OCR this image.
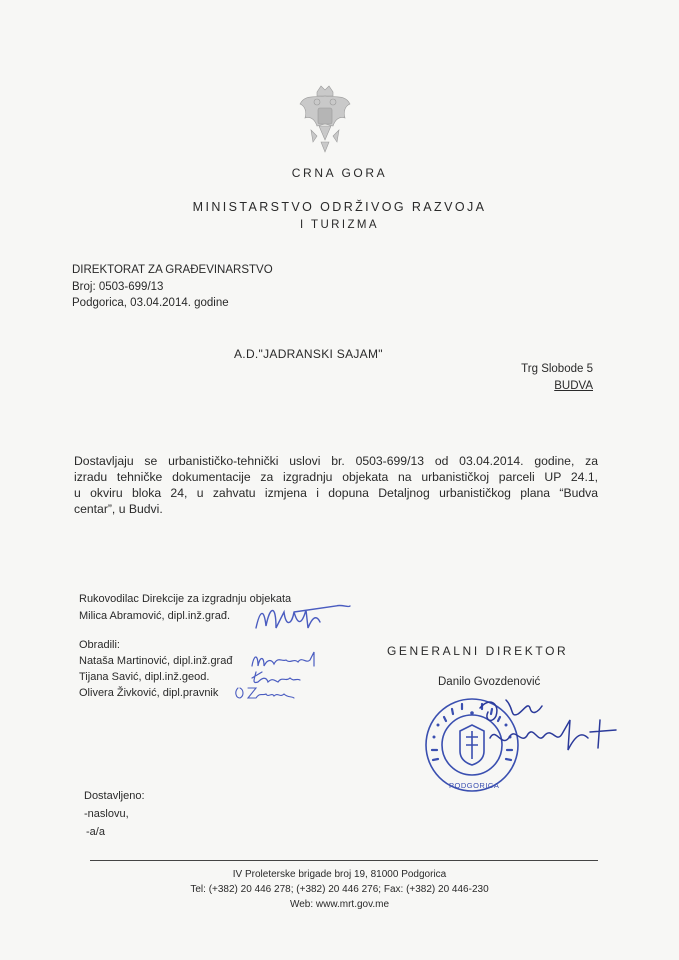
CRNA GORA
MINISTARSTVO ODRŽIVOG RAZVOJA
I TURIZMA
DIREKTORAT ZA GRAĐEVINARSTVO
Broj: 0503-699/13
Podgorica, 03.04.2014. godine
A.D."JADRANSKI SAJAM"
Trg Slobode 5
BUDVA
Dostavljaju se urbanističko-tehnički uslovi br. 0503-699/13 od 03.04.2014. godine, za
izradu tehničke dokumentacije za izgradnju objekata na urbanističkoj parceli UP 24.1,
u okviru bloka 24, u zahvatu izmjena i dopuna Detaljnog urbanističkog plana “Budva
centar”, u Budvi.
Rukovodilac Direkcije za izgradnju objekata
Milica Abramović, dipl.inž.građ.
Obradili:
Nataša Martinović, dipl.inž.građ
Tijana Savić, dipl.inž.geod.
Olivera Živković, dipl.pravnik
GENERALNI DIREKTOR
Danilo Gvozdenović
PODGORICA
Dostavljeno:
-naslovu,
-a/a
IV Proleterske brigade broj 19, 81000 Podgorica
Tel: (+382) 20 446 278; (+382) 20 446 276; Fax: (+382) 20 446-230
Web: www.mrt.gov.me
